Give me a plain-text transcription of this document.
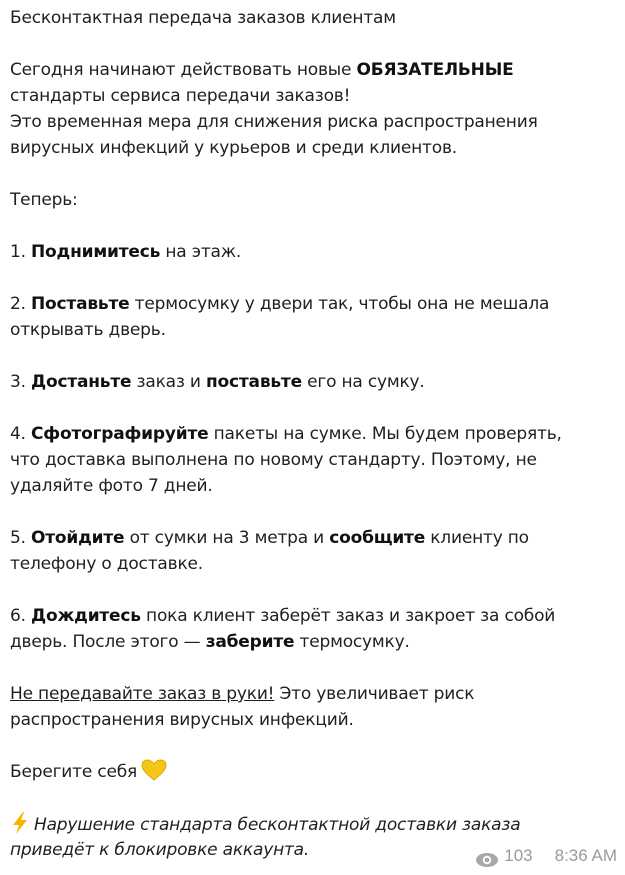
Бесконтактная передача заказов клиентам
Сегодня начинают действовать новые ОБЯЗАТЕЛЬНЫЕ
стандарты сервиса передачи заказов!
Это временная мера для снижения риска распространения
вирусных инфекций у курьеров и среди клиентов.
Теперь:
1. Поднимитесь на этаж.
2. Поставьте термосумку у двери так, чтобы она не мешала
открывать дверь.
3. Достаньте заказ и поставьте его на сумку.
4. Сфотографируйте пакеты на сумке. Мы будем проверять,
что доставка выполнена по новому стандарту. Поэтому, не
удаляйте фото 7 дней.
5. Отойдите от сумки на 3 метра и сообщите клиенту по
телефону о доставке.
6. Дождитесь пока клиент заберёт заказ и закроет за собой
дверь. После этого — заберите термосумку.
Не передавайте заказ в руки! Это увеличивает риск
распространения вирусных инфекций.
Берегите себя
Нарушение стандарта бесконтактной доставки заказа
приведёт к блокировке аккаунта.	103 8:36 AM
